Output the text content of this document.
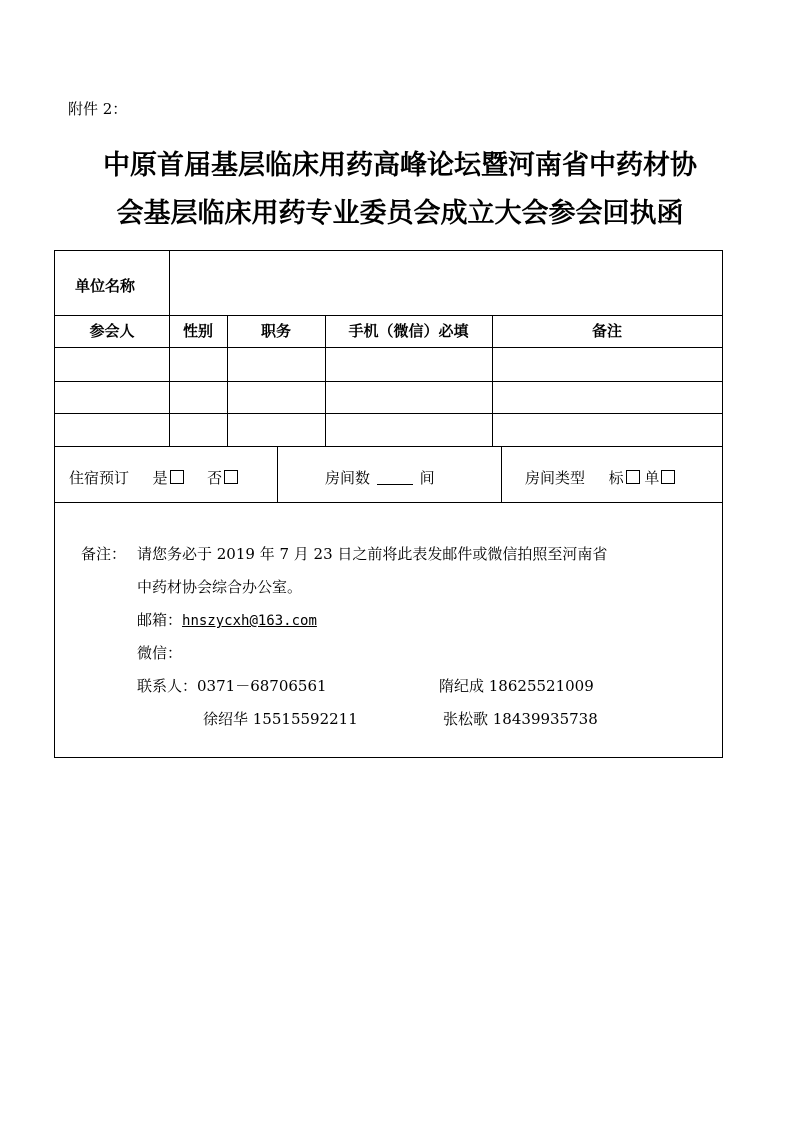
附件 2：
中原首届基层临床用药高峰论坛暨河南省中药材协
会基层临床用药专业委员会成立大会参会回执函
单位名称
参会人	性别	职务	手机（微信）必填	备注
住宿预订 是	否	房间数	间	房间类型 标 单
备注： 请您务必于 2019 年 7 月 23 日之前将此表发邮件或微信拍照至河南省
中药材协会综合办公室。
邮箱：hnszycxh@163.com
微信：
联系人：0371－68706561	隋纪成 18625521009
徐绍华 15515592211	张松歌 18439935738
